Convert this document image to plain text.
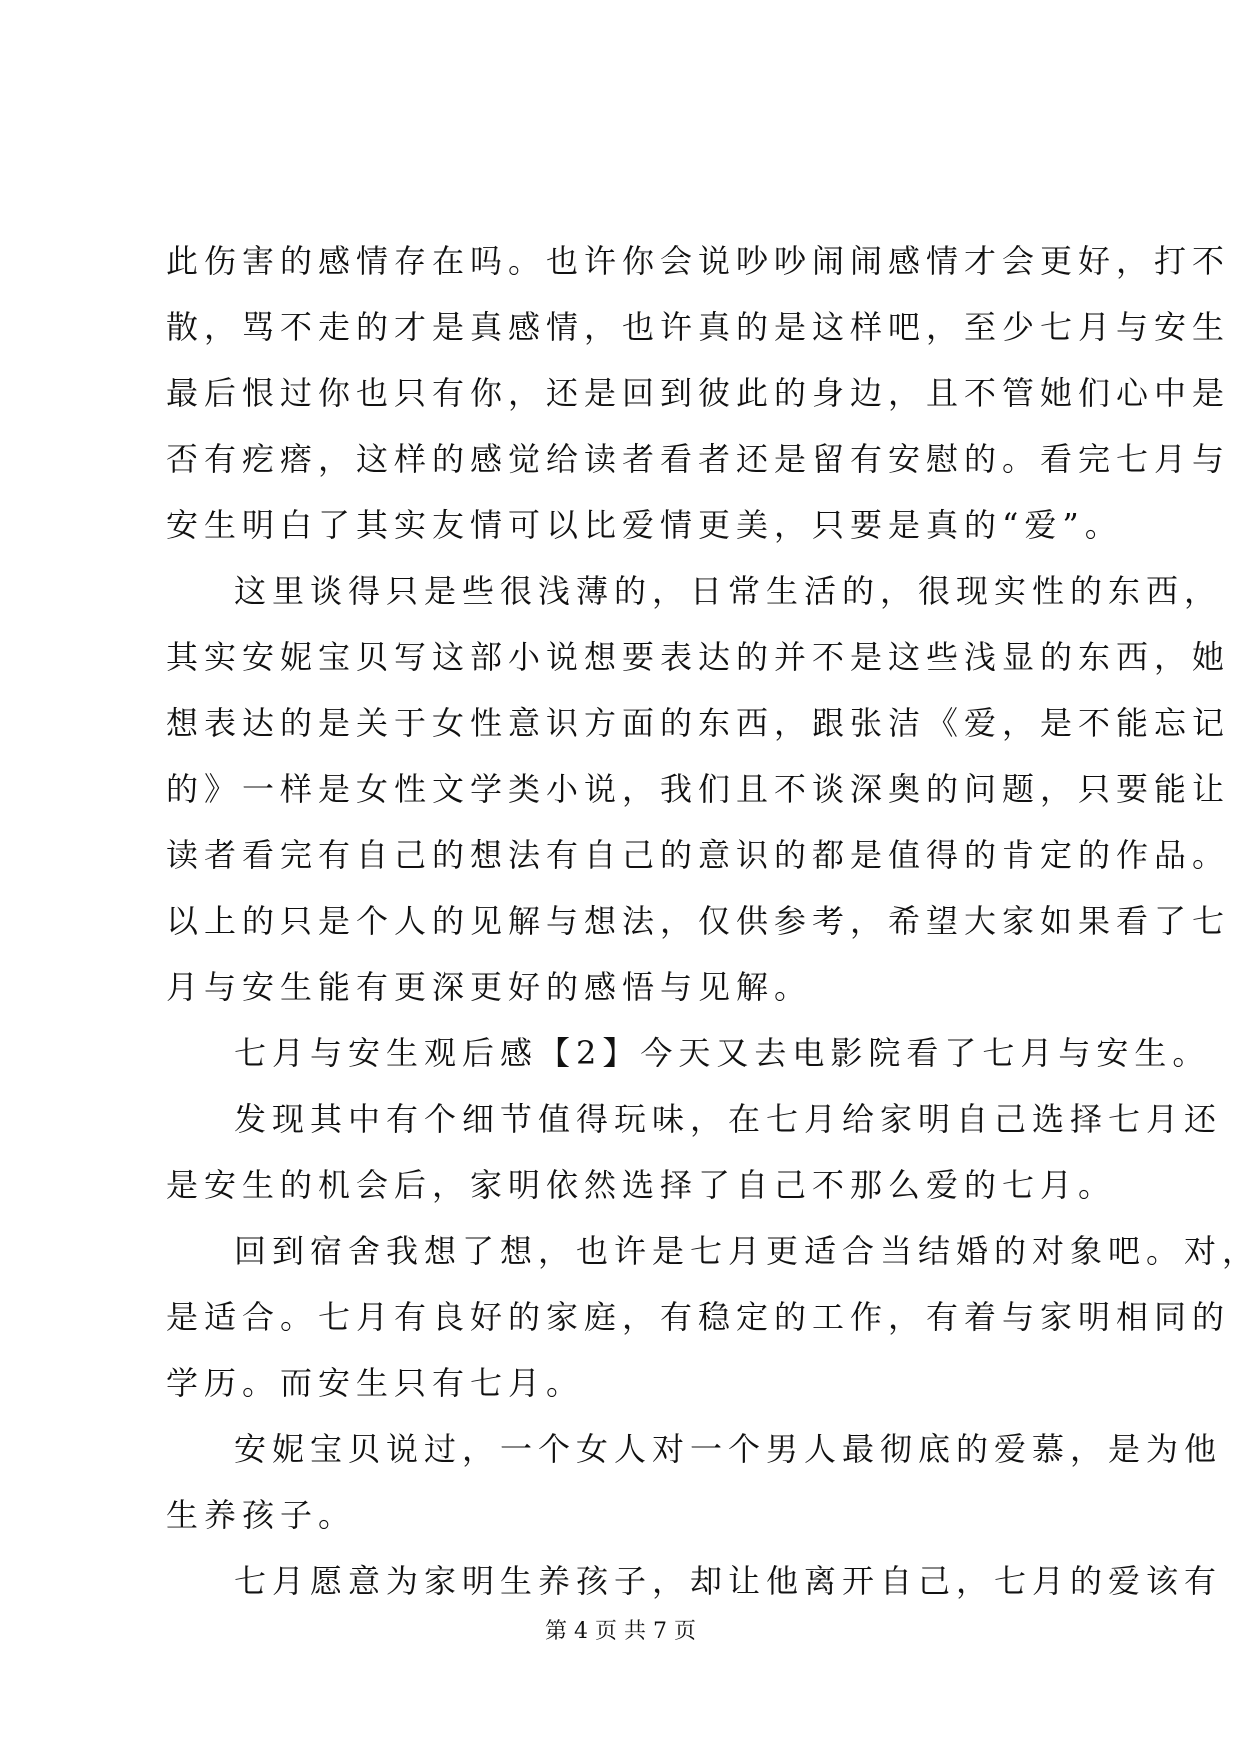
此伤害的感情存在吗。也许你会说吵吵闹闹感情才会更好，打不
散，骂不走的才是真感情，也许真的是这样吧，至少七月与安生
最后恨过你也只有你，还是回到彼此的身边，且不管她们心中是
否有疙瘩，这样的感觉给读者看者还是留有安慰的。看完七月与
安生明白了其实友情可以比爱情更美，只要是真的“爱”。
这里谈得只是些很浅薄的，日常生活的，很现实性的东西，
其实安妮宝贝写这部小说想要表达的并不是这些浅显的东西，她
想表达的是关于女性意识方面的东西，跟张洁《爱，是不能忘记
的》一样是女性文学类小说，我们且不谈深奥的问题，只要能让
读者看完有自己的想法有自己的意识的都是值得的肯定的作品。
以上的只是个人的见解与想法，仅供参考，希望大家如果看了七
月与安生能有更深更好的感悟与见解。
七月与安生观后感【2】今天又去电影院看了七月与安生。
发现其中有个细节值得玩味，在七月给家明自己选择七月还
是安生的机会后，家明依然选择了自己不那么爱的七月。
回到宿舍我想了想，也许是七月更适合当结婚的对象吧。对，
是适合。七月有良好的家庭，有稳定的工作，有着与家明相同的
学历。而安生只有七月。
安妮宝贝说过，一个女人对一个男人最彻底的爱慕，是为他
生养孩子。
七月愿意为家明生养孩子，却让他离开自己，七月的爱该有
第 4 页 共 7 页
